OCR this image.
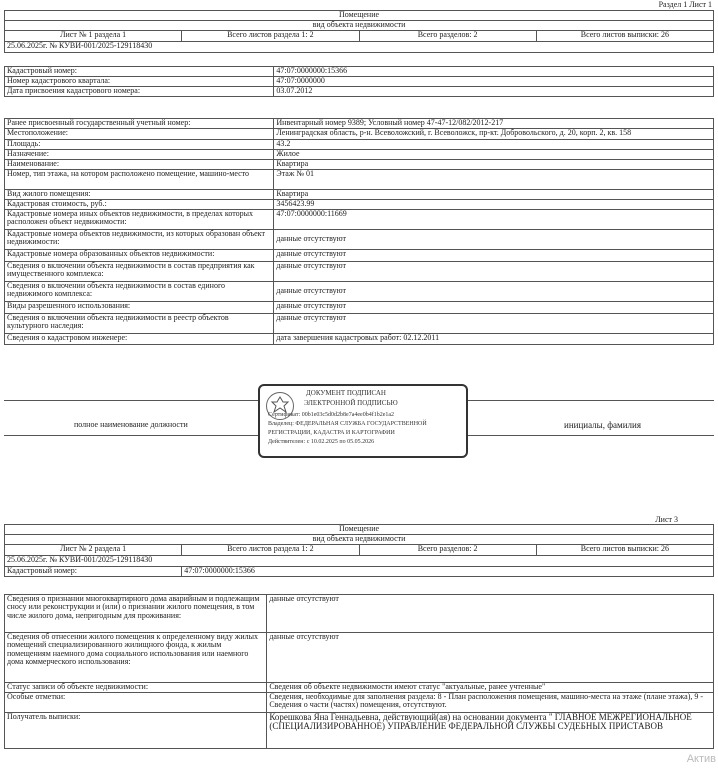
Раздел 1 Лист 1
Помещение
вид объекта недвижимости
Лист № 1 раздела 1	Всего листов раздела 1: 2	Всего разделов: 2	Всего листов выписки: 26
25.06.2025г. № КУВИ-001/2025-129118430
Кадастровый номер:	47:07:0000000:15366
Номер кадастрового квартала:	47:07:0000000
Дата присвоения кадастрового номера:	03.07.2012
Ранее присвоенный государственный учетный номер:	Инвентарный номер 9389; Условный номер 47-47-12/082/2012-217
Местоположение:	Ленинградская область, р-н. Всеволожский, г. Всеволожск, пр-кт. Добровольского, д. 20, корп. 2, кв. 158
Площадь:	43.2
Назначение:	Жилое
Наименование:	Квартира
Номер, тип этажа, на котором расположено помещение, машино-место	Этаж № 01
Вид жилого помещения:	Квартира
Кадастровая стоимость, руб.:	3456423.99
Кадастровые номера иных объектов недвижимости, в пределах которых расположен объект недвижимости:	47:07:0000000:11669
Кадастровые номера объектов недвижимости, из которых образован объект недвижимости:	данные отсутствуют
Кадастровые номера образованных объектов недвижимости:	данные отсутствуют
Сведения о включении объекта недвижимости в состав предприятия как имущественного комплекса:	данные отсутствуют
Сведения о включении объекта недвижимости в состав единого недвижимого комплекса:	данные отсутствуют
Виды разрешенного использования:	данные отсутствуют
Сведения о включении объекта недвижимости в реестр объектов культурного наследия:	данные отсутствуют
Сведения о кадастровом инженере:	дата завершения кадастровых работ: 02.12.2011
полное наименование должности	инициалы, фамилия
ДОКУМЕНТ ПОДПИСАН
ЭЛЕКТРОННОЙ ПОДПИСЬЮ
Сертификат: 00b1e03c5d0d2b8e7a4ee0b4f1b2e1a2
Владелец: ФЕДЕРАЛЬНАЯ СЛУЖБА ГОСУДАРСТВЕННОЙ
РЕГИСТРАЦИИ, КАДАСТРА И КАРТОГРАФИИ
Действителен: с 10.02.2025 по 05.05.2026
Лист 3
Помещение			
вид объекта недвижимости			
Лист № 2 раздела 1	Всего листов раздела 1: 2	Всего разделов: 2	Всего листов выписки: 26
25.06.2025г. № КУВИ-001/2025-129118430			
Кадастровый номер:	47:07:0000000:15366		
Сведения о признании многоквартирного дома аварийным и подлежащим сносу или реконструкции и (или) о признании жилого помещения, в том числе жилого дома, непригодным для проживания:	данные отсутствуют
Сведения об отнесении жилого помещения к определенному виду жилых помещений специализированного жилищного фонда, к жилым помещениям наемного дома социального использования или наемного дома коммерческого использования:	данные отсутствуют
Статус записи об объекте недвижимости:	Сведения об объекте недвижимости имеют статус "актуальные, ранее учтенные"
Особые отметки:	Сведения, необходимые для заполнения раздела: 8 - План расположения помещения, машино-места на этаже (плане этажа), 9 - Сведения о части (частях) помещения, отсутствуют.
Получатель выписки:	Корешкова Яна Геннадьевна, действующий(ая) на основании документа " ГЛАВНОЕ МЕЖРЕГИОНАЛЬНОЕ (СПЕЦИАЛИЗИРОВАННОЕ) УПРАВЛЕНИЕ ФЕДЕРАЛЬНОЙ СЛУЖБЫ СУДЕБНЫХ ПРИСТАВОВ
Актив
